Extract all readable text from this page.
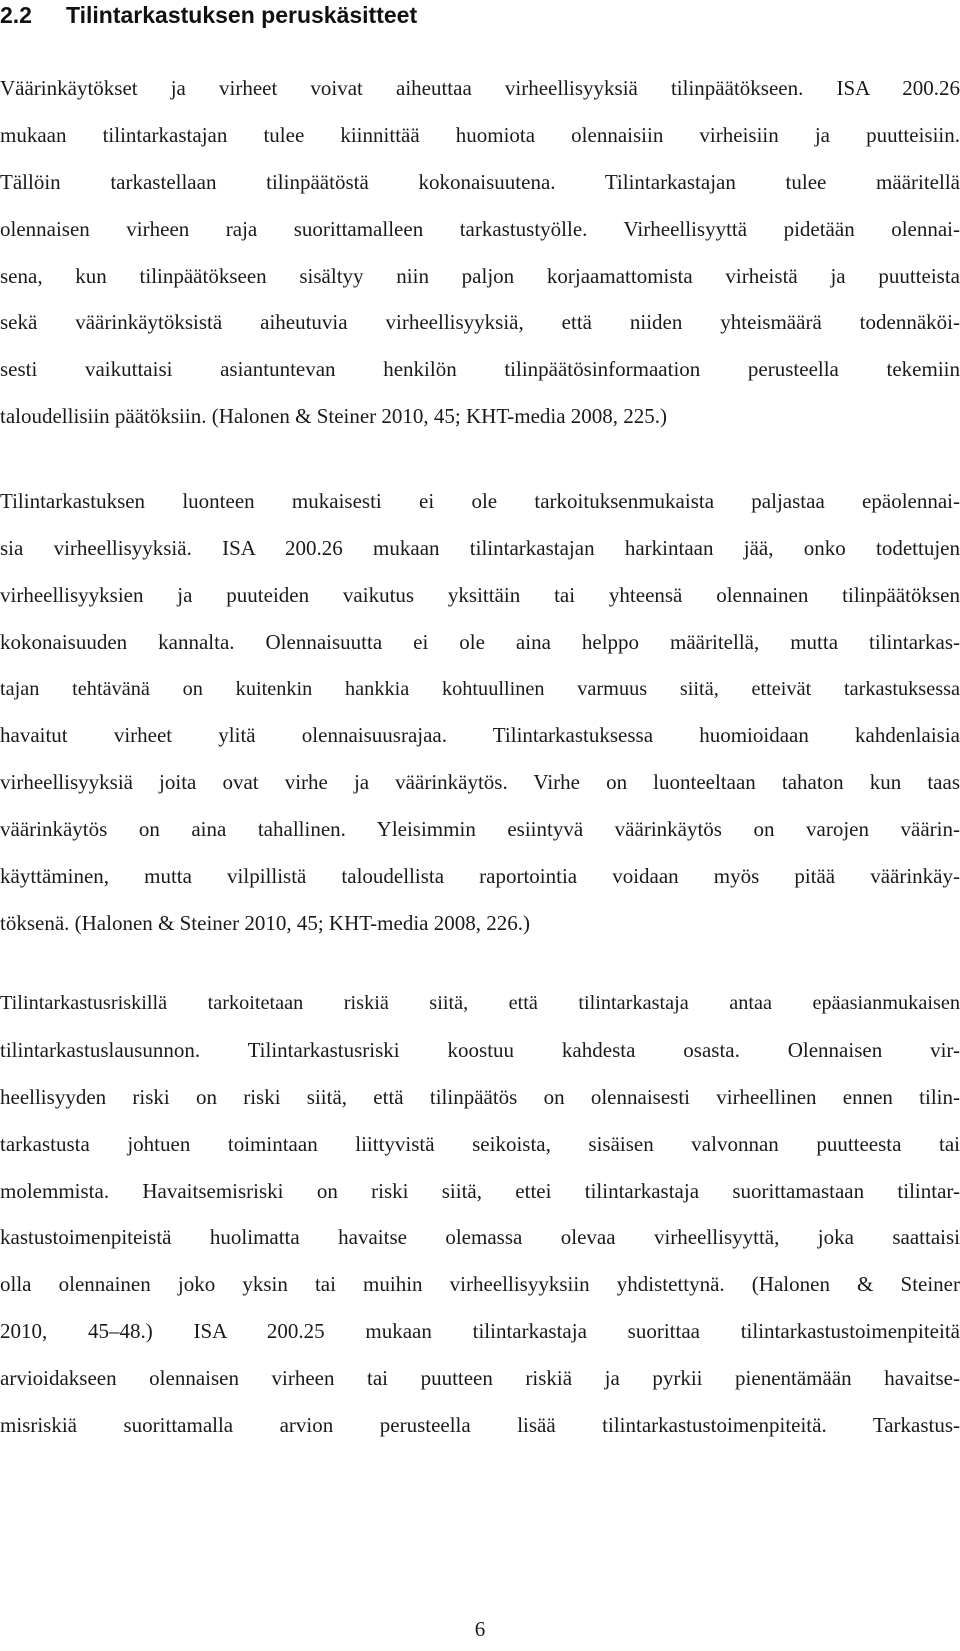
2.2 Tilintarkastuksen peruskäsitteet
Väärinkäytökset ja virheet voivat aiheuttaa virheellisyyksiä tilinpäätökseen. ISA 200.26
mukaan tilintarkastajan tulee kiinnittää huomiota olennaisiin virheisiin ja puutteisiin.
Tällöin tarkastellaan tilinpäätöstä kokonaisuutena. Tilintarkastajan tulee määritellä
olennaisen virheen raja suorittamalleen tarkastustyölle. Virheellisyyttä pidetään olennai-
sena, kun tilinpäätökseen sisältyy niin paljon korjaamattomista virheistä ja puutteista
sekä väärinkäytöksistä aiheutuvia virheellisyyksiä, että niiden yhteismäärä todennäköi-
sesti vaikuttaisi asiantuntevan henkilön tilinpäätösinformaation perusteella tekemiin
taloudellisiin päätöksiin. (Halonen & Steiner 2010, 45; KHT-media 2008, 225.)
Tilintarkastuksen luonteen mukaisesti ei ole tarkoituksenmukaista paljastaa epäolennai-
sia virheellisyyksiä. ISA 200.26 mukaan tilintarkastajan harkintaan jää, onko todettujen
virheellisyyksien ja puuteiden vaikutus yksittäin tai yhteensä olennainen tilinpäätöksen
kokonaisuuden kannalta. Olennaisuutta ei ole aina helppo määritellä, mutta tilintarkas-
tajan tehtävänä on kuitenkin hankkia kohtuullinen varmuus siitä, etteivät tarkastuksessa
havaitut virheet ylitä olennaisuusrajaa. Tilintarkastuksessa huomioidaan kahdenlaisia
virheellisyyksiä joita ovat virhe ja väärinkäytös. Virhe on luonteeltaan tahaton kun taas
väärinkäytös on aina tahallinen. Yleisimmin esiintyvä väärinkäytös on varojen väärin-
käyttäminen, mutta vilpillistä taloudellista raportointia voidaan myös pitää väärinkäy-
töksenä. (Halonen & Steiner 2010, 45; KHT-media 2008, 226.)
Tilintarkastusriskillä tarkoitetaan riskiä siitä, että tilintarkastaja antaa epäasianmukaisen
tilintarkastuslausunnon. Tilintarkastusriski koostuu kahdesta osasta. Olennaisen vir-
heellisyyden riski on riski siitä, että tilinpäätös on olennaisesti virheellinen ennen tilin-
tarkastusta johtuen toimintaan liittyvistä seikoista, sisäisen valvonnan puutteesta tai
molemmista. Havaitsemisriski on riski siitä, ettei tilintarkastaja suorittamastaan tilintar-
kastustoimenpiteistä huolimatta havaitse olemassa olevaa virheellisyyttä, joka saattaisi
olla olennainen joko yksin tai muihin virheellisyyksiin yhdistettynä. (Halonen & Steiner
2010, 45–48.) ISA 200.25 mukaan tilintarkastaja suorittaa tilintarkastustoimenpiteitä
arvioidakseen olennaisen virheen tai puutteen riskiä ja pyrkii pienentämään havaitse-
misriskiä suorittamalla arvion perusteella lisää tilintarkastustoimenpiteitä. Tarkastus-
6
